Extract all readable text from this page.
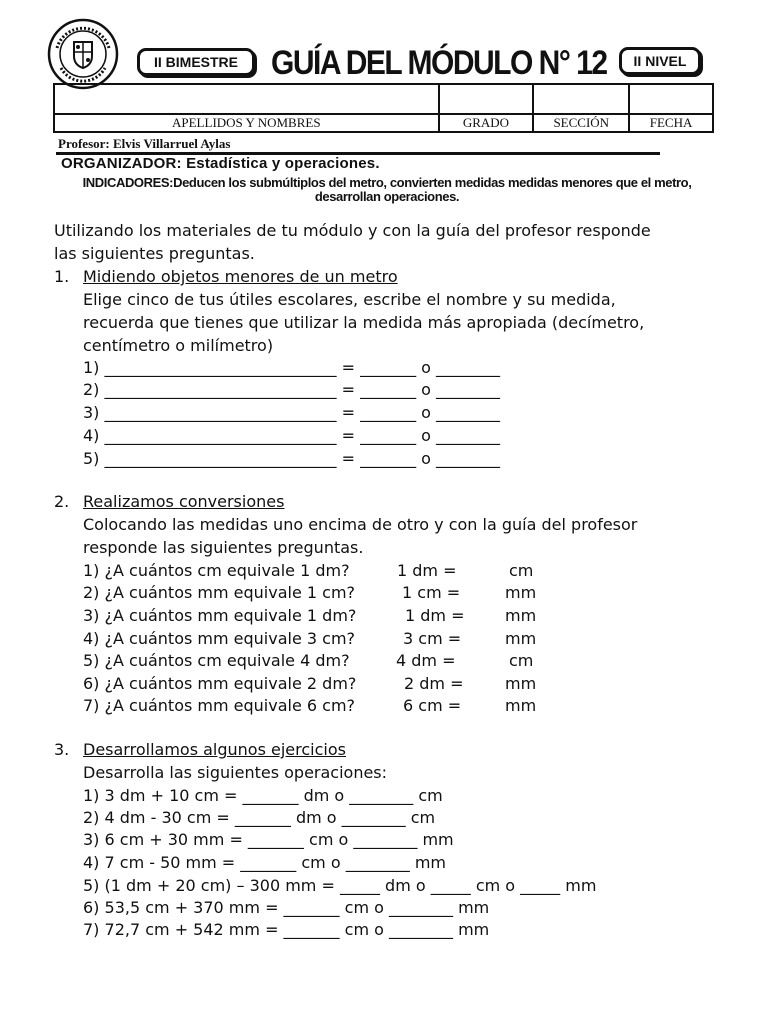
II BIMESTRE	GUÍA DEL MÓDULO N° 12	II NIVEL

APELLIDOS Y NOMBRES	GRADO	SECCIÓN	FECHA
Profesor: Elvis Villarruel Aylas
ORGANIZADOR: Estadística y operaciones.
INDICADORES:Deducen los submúltiplos del metro, convierten medidas medidas menores que el metro,
desarrollan operaciones.
Utilizando los materiales de tu módulo y con la guía del profesor responde
las siguientes preguntas.
1. Midiendo objetos menores de un metro
Elige cinco de tus útiles escolares, escribe el nombre y su medida,
recuerda que tienes que utilizar la medida más apropiada (decímetro,
centímetro o milímetro)
1) _____________________________ = _______ o ________
2) _____________________________ = _______ o ________
3) _____________________________ = _______ o ________
4) _____________________________ = _______ o ________
5) _____________________________ = _______ o ________
2. Realizamos conversiones
Colocando las medidas uno encima de otro y con la guía del profesor
responde las siguientes preguntas.
1) ¿A cuántos cm equivale 1 dm?	1 dm =	cm
2) ¿A cuántos mm equivale 1 cm?	1 cm =	mm
3) ¿A cuántos mm equivale 1 dm?	1 dm =	mm
4) ¿A cuántos mm equivale 3 cm?	3 cm =	mm
5) ¿A cuántos cm equivale 4 dm?	4 dm =	cm
6) ¿A cuántos mm equivale 2 dm?	2 dm =	mm
7) ¿A cuántos mm equivale 6 cm?	6 cm =	mm
3. Desarrollamos algunos ejercicios
Desarrolla las siguientes operaciones:
1) 3 dm + 10 cm = _______ dm o ________ cm
2) 4 dm - 30 cm = _______ dm o ________ cm
3) 6 cm + 30 mm = _______ cm o ________ mm
4) 7 cm - 50 mm = _______ cm o ________ mm
5) (1 dm + 20 cm) – 300 mm = _____ dm o _____ cm o _____ mm
6) 53,5 cm + 370 mm = _______ cm o ________ mm
7) 72,7 cm + 542 mm = _______ cm o ________ mm
